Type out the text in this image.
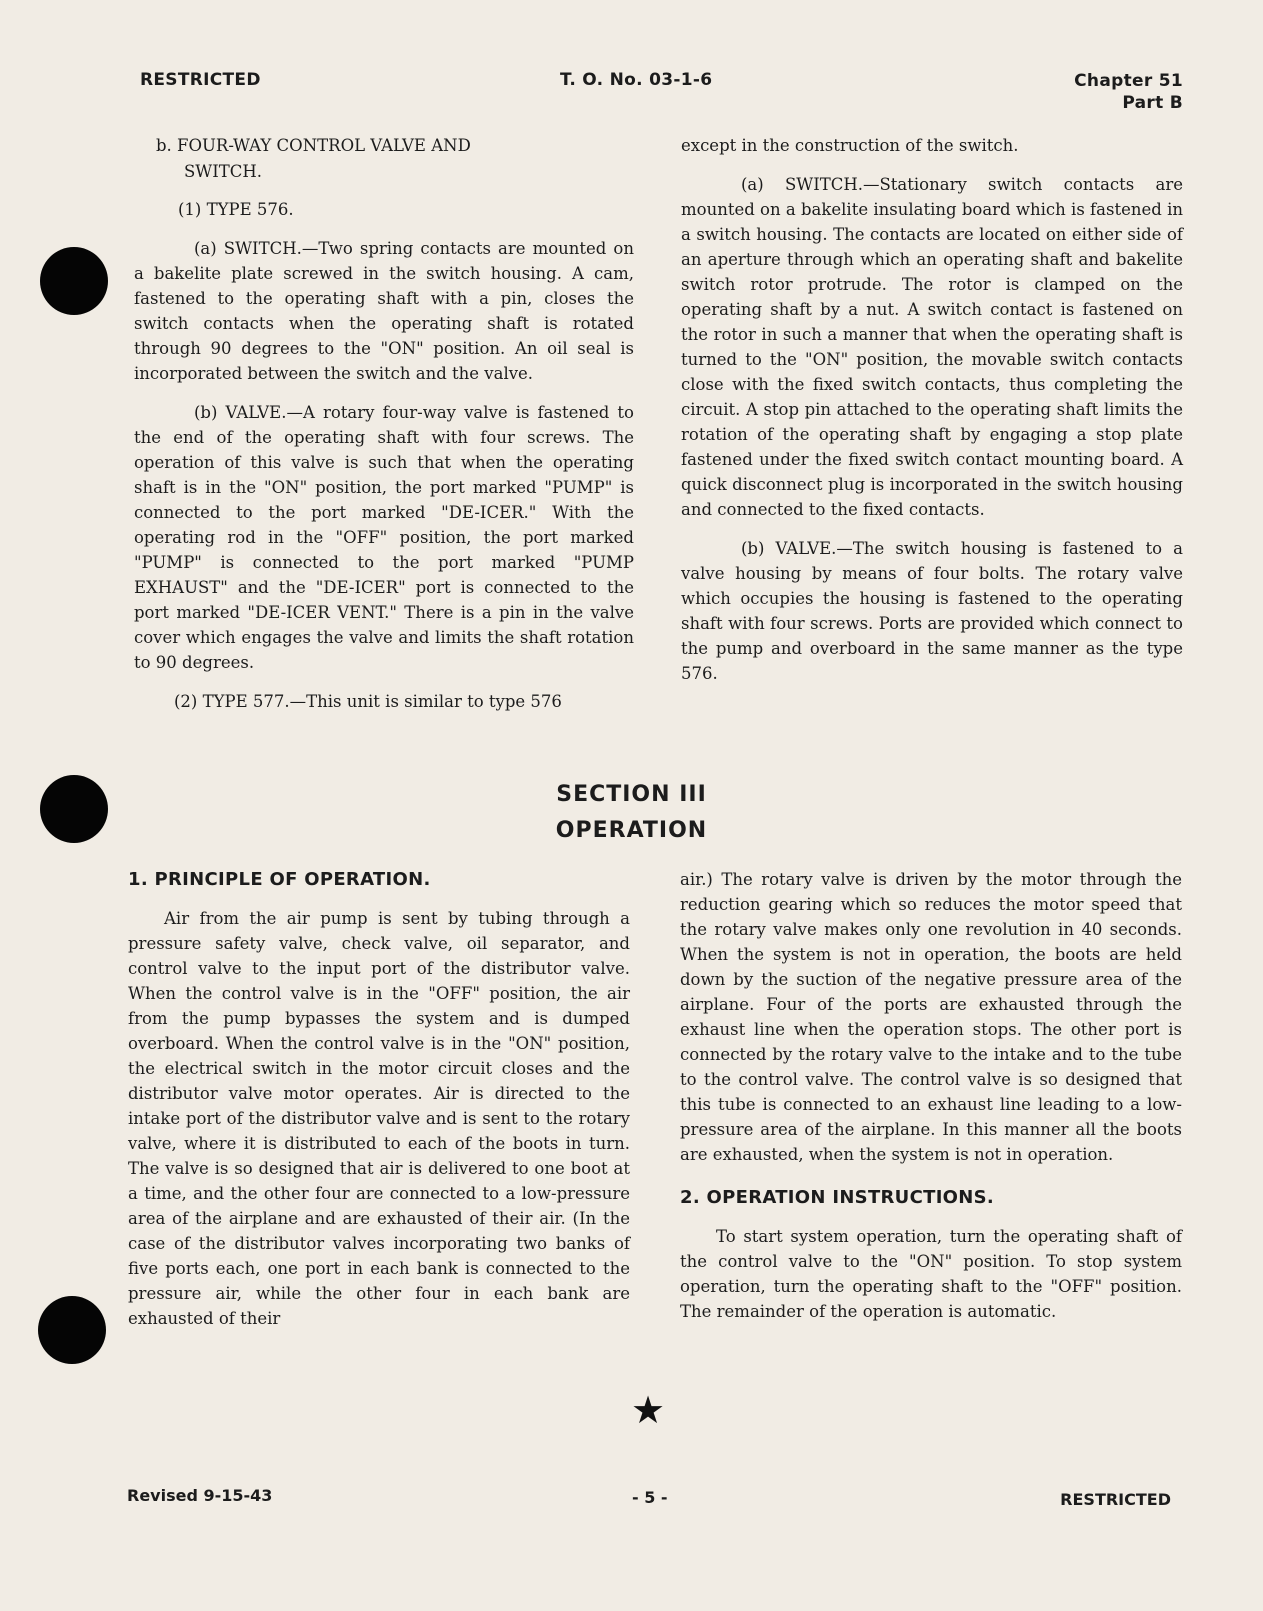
RESTRICTED	T. O. No. 03-1-6	Chapter 51
Part B

b. FOUR-WAY CONTROL VALVE AND

SWITCH.

(1) TYPE 576.

(a) SWITCH.—Two spring contacts are mounted on a bakelite plate screwed in the switch housing. A cam, fastened to the operating shaft with a pin, closes the switch contacts when the operating shaft is rotated through 90 degrees to the "ON" position. An oil seal is incorporated between the switch and the valve.

(b) VALVE.—A rotary four-way valve is fastened to the end of the operating shaft with four screws. The operation of this valve is such that when the operating shaft is in the "ON" position, the port marked "PUMP" is connected to the port marked "DE-ICER." With the operating rod in the "OFF" position, the port marked "PUMP" is connected to the port marked "PUMP EXHAUST" and the "DE-ICER" port is connected to the port marked "DE-ICER VENT." There is a pin in the valve cover which engages the valve and limits the shaft rotation to 90 degrees.

(2) TYPE 577.—This unit is similar to type 576

except in the construction of the switch.

(a) SWITCH.—Stationary switch contacts are mounted on a bakelite insulating board which is fastened in a switch housing. The contacts are located on either side of an aperture through which an operating shaft and bakelite switch rotor protrude. The rotor is clamped on the operating shaft by a nut. A switch contact is fastened on the rotor in such a manner that when the operating shaft is turned to the "ON" position, the movable switch contacts close with the fixed switch contacts, thus completing the circuit. A stop pin attached to the operating shaft limits the rotation of the operating shaft by engaging a stop plate fastened under the fixed switch contact mounting board. A quick disconnect plug is incorporated in the switch housing and connected to the fixed contacts.

(b) VALVE.—The switch housing is fastened to a valve housing by means of four bolts. The rotary valve which occupies the housing is fastened to the operating shaft with four screws. Ports are provided which connect to the pump and overboard in the same manner as the type 576.

SECTION III
OPERATION

1. PRINCIPLE OF OPERATION.

Air from the air pump is sent by tubing through a pressure safety valve, check valve, oil separator, and control valve to the input port of the distributor valve. When the control valve is in the "OFF" position, the air from the pump bypasses the system and is dumped overboard. When the control valve is in the "ON" position, the electrical switch in the motor circuit closes and the distributor valve motor operates. Air is directed to the intake port of the distributor valve and is sent to the rotary valve, where it is distributed to each of the boots in turn. The valve is so designed that air is delivered to one boot at a time, and the other four are connected to a low-pressure area of the airplane and are exhausted of their air. (In the case of the distributor valves incorporating two banks of five ports each, one port in each bank is connected to the pressure air, while the other four in each bank are exhausted of their

air.) The rotary valve is driven by the motor through the reduction gearing which so reduces the motor speed that the rotary valve makes only one revolution in 40 seconds. When the system is not in operation, the boots are held down by the suction of the negative pressure area of the airplane. Four of the ports are exhausted through the exhaust line when the operation stops. The other port is connected by the rotary valve to the intake and to the tube to the control valve. The control valve is so designed that this tube is connected to an exhaust line leading to a low-pressure area of the airplane. In this manner all the boots are exhausted, when the system is not in operation.

2. OPERATION INSTRUCTIONS.

To start system operation, turn the operating shaft of the control valve to the "ON" position. To stop system operation, turn the operating shaft to the "OFF" position. The remainder of the operation is automatic.

★
Revised 9-15-43	- 5 -	RESTRICTED
